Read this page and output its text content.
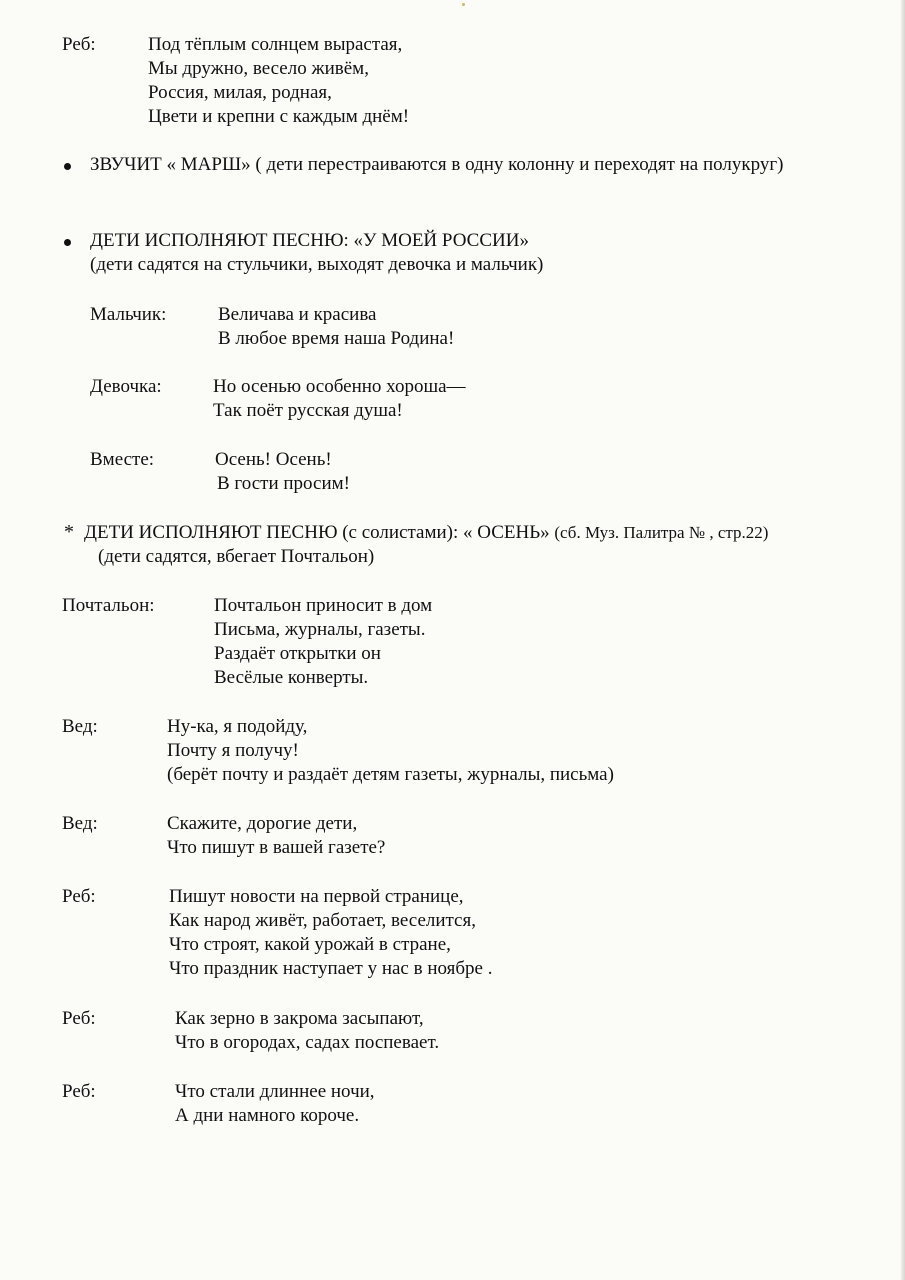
Реб:	Под тёплым солнцем вырастая,
Мы дружно, весело живём,
Россия, милая, родная,
Цвети и крепни с каждым днём!
ЗВУЧИТ « МАРШ» ( дети перестраиваются в одну колонну и переходят на полукруг)
ДЕТИ ИСПОЛНЯЮТ ПЕСНЮ: «У МОЕЙ РОССИИ»
(дети садятся на стульчики, выходят девочка и мальчик)
Мальчик:	Величава и красива
В любое время наша Родина!
Девочка:	Но осенью особенно хороша—
Так поёт русская душа!
Вместе:	Осень! Осень!
В гости просим!
* ДЕТИ ИСПОЛНЯЮТ ПЕСНЮ (с солистами): « ОСЕНЬ» (сб. Муз. Палитра № , стр.22)
(дети садятся, вбегает Почтальон)
Почтальон:	Почтальон приносит в дом
Письма, журналы, газеты.
Раздаёт открытки он
Весёлые конверты.
Вед:	Ну-ка, я подойду,
Почту я получу!
(берёт почту и раздаёт детям газеты, журналы, письма)
Вед:	Скажите, дорогие дети,
Что пишут в вашей газете?
Реб:	Пишут новости на первой странице,
Как народ живёт, работает, веселится,
Что строят, какой урожай в стране,
Что праздник наступает у нас в ноябре .
Реб:	Как зерно в закрома засыпают,
Что в огородах, садах поспевает.
Реб:	Что стали длиннее ночи,
А дни намного короче.
